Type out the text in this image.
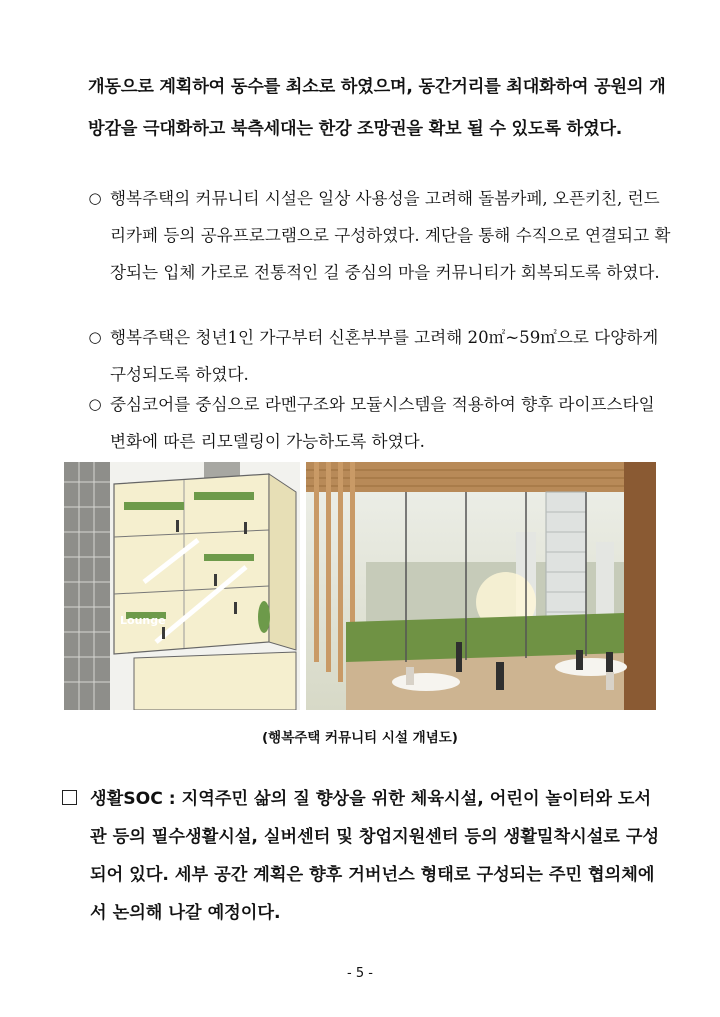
개동으로 계획하여 동수를 최소로 하였으며, 동간거리를 최대화하여 공원의 개방감을 극대화하고 북측세대는 한강 조망권을 확보 될 수 있도록 하였다.

○ 행복주택의 커뮤니티 시설은 일상 사용성을 고려해 돌봄카페, 오픈키친, 런드리카페 등의 공유프로그램으로 구성하였다. 계단을 통해 수직으로 연결되고 확장되는 입체 가로로 전통적인 길 중심의 마을 커뮤니티가 회복되도록 하였다.
○ 행복주택은 청년1인 가구부터 신혼부부를 고려해 20㎡~59㎡으로 다양하게 구성되도록 하였다.
○ 중심코어를 중심으로 라멘구조와 모듈시스템을 적용하여 향후 라이프스타일 변화에 따른 리모델링이 가능하도록 하였다.
Lounge
(행복주택 커뮤니티 시설 개념도)
생활SOC : 지역주민 삶의 질 향상을 위한 체육시설, 어린이 놀이터와 도서관 등의 필수생활시설, 실버센터 및 창업지원센터 등의 생활밀착시설로 구성되어 있다. 세부 공간 계획은 향후 거버넌스 형태로 구성되는 주민 협의체에서 논의해 나갈 예정이다.
- 5 -
